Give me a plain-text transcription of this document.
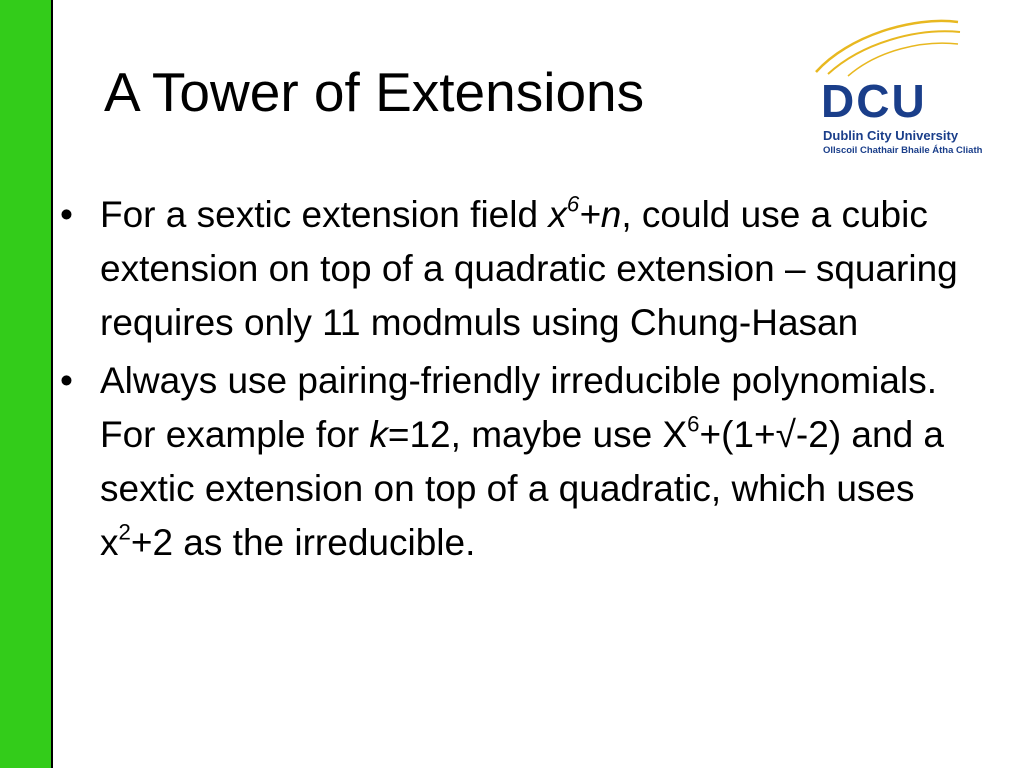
A Tower of Extensions	DCU
Dublin City University
Ollscoil Chathair Bhaile Átha Cliath
• For a sextic extension field $x^6+n$, could use a cubic extension on top of a quadratic extension – squaring requires only 11 modmuls using Chung-Hasan
• Always use pairing-friendly irreducible polynomials. For example for k=12, maybe use $X^6+(1+√-2)$ and a sextic extension on top of a quadratic, which uses $x^2+2$ as the irreducible.
